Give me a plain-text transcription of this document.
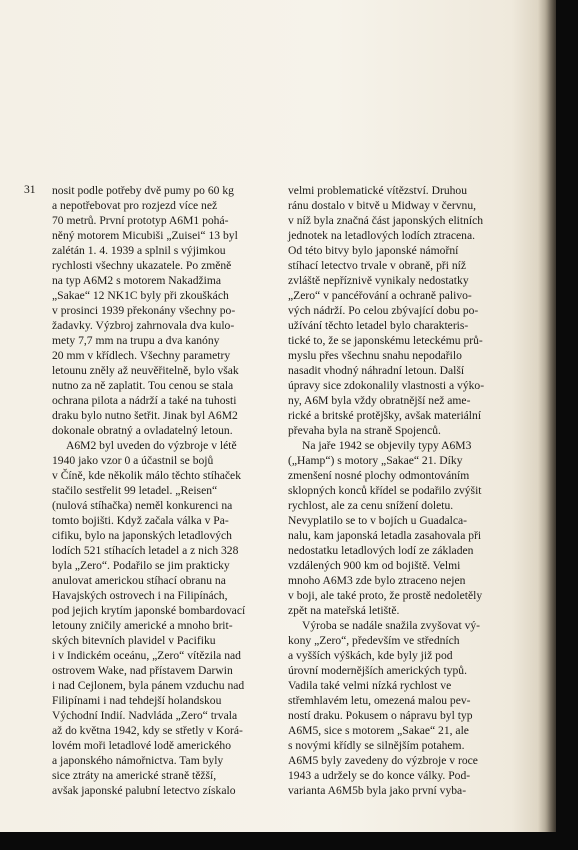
31 nosit podle potřeby dvě pumy po 60 kg
a nepotřebovat pro rozjezd více než
70 metrů. První prototyp A6M1 pohá-
něný motorem Micubiši „Zuisei“ 13 byl
zalétán 1. 4. 1939 a splnil s výjimkou
rychlosti všechny ukazatele. Po změně
na typ A6M2 s motorem Nakadžima
„Sakae“ 12 NK1C byly při zkouškách
v prosinci 1939 překonány všechny po-
žadavky. Výzbroj zahrnovala dva kulo-
mety 7,7 mm na trupu a dva kanóny
20 mm v křídlech. Všechny parametry
letounu zněly až neuvěřitelně, bylo však
nutno za ně zaplatit. Tou cenou se stala
ochrana pilota a nádrží a také na tuhosti
draku bylo nutno šetřit. Jinak byl A6M2
dokonale obratný a ovladatelný letoun.
A6M2 byl uveden do výzbroje v létě
1940 jako vzor 0 a účastnil se bojů
v Číně, kde několik málo těchto stíhaček
stačilo sestřelit 99 letadel. „Reisen“
(nulová stíhačka) neměl konkurenci na
tomto bojišti. Když začala válka v Pa-
cifiku, bylo na japonských letadlových
lodích 521 stíhacích letadel a z nich 328
byla „Zero“. Podařilo se jim prakticky
anulovat americkou stíhací obranu na
Havajských ostrovech i na Filipínách,
pod jejich krytím japonské bombardovací
letouny zničily americké a mnoho brit-
ských bitevních plavidel v Pacifiku
i v Indickém oceánu, „Zero“ vítězila nad
ostrovem Wake, nad přístavem Darwin
i nad Cejlonem, byla pánem vzduchu nad
Filipínami i nad tehdejší holandskou
Východní Indií. Nadvláda „Zero“ trvala
až do května 1942, kdy se střetly v Korá-
lovém moři letadlové lodě amerického
a japonského námořnictva. Tam byly
sice ztráty na americké straně těžší,
avšak japonské palubní letectvo získalo
velmi problematické vítězství. Druhou
ránu dostalo v bitvě u Midway v červnu,
v níž byla značná část japonských elitních
jednotek na letadlových lodích ztracena.
Od této bitvy bylo japonské námořní
stíhací letectvo trvale v obraně, při níž
zvláště nepříznivě vynikaly nedostatky
„Zero“ v pancéřování a ochraně palivo-
vých nádrží. Po celou zbývající dobu po-
užívání těchto letadel bylo charakteris-
tické to, že se japonskému leteckému prů-
myslu přes všechnu snahu nepodařilo
nasadit vhodný náhradní letoun. Další
úpravy sice zdokonalily vlastnosti a výko-
ny, A6M byla vždy obratnější než ame-
rické a britské protějšky, avšak materiální
převaha byla na straně Spojenců.
Na jaře 1942 se objevily typy A6M3
(„Hamp“) s motory „Sakae“ 21. Díky
zmenšení nosné plochy odmontováním
sklopných konců křídel se podařilo zvýšit
rychlost, ale za cenu snížení doletu.
Nevyplatilo se to v bojích u Guadalca-
nalu, kam japonská letadla zasahovala při
nedostatku letadlových lodí ze základen
vzdálených 900 km od bojiště. Velmi
mnoho A6M3 zde bylo ztraceno nejen
v boji, ale také proto, že prostě nedoletěly
zpět na mateřská letiště.
Výroba se nadále snažila zvyšovat vý-
kony „Zero“, především ve středních
a vyšších výškách, kde byly již pod
úrovní modernějších amerických typů.
Vadila také velmi nízká rychlost ve
střemhlavém letu, omezená malou pev-
ností draku. Pokusem o nápravu byl typ
A6M5, sice s motorem „Sakae“ 21, ale
s novými křídly se silnějším potahem.
A6M5 byly zavedeny do výzbroje v roce
1943 a udržely se do konce války. Pod-
varianta A6M5b byla jako první vyba-
